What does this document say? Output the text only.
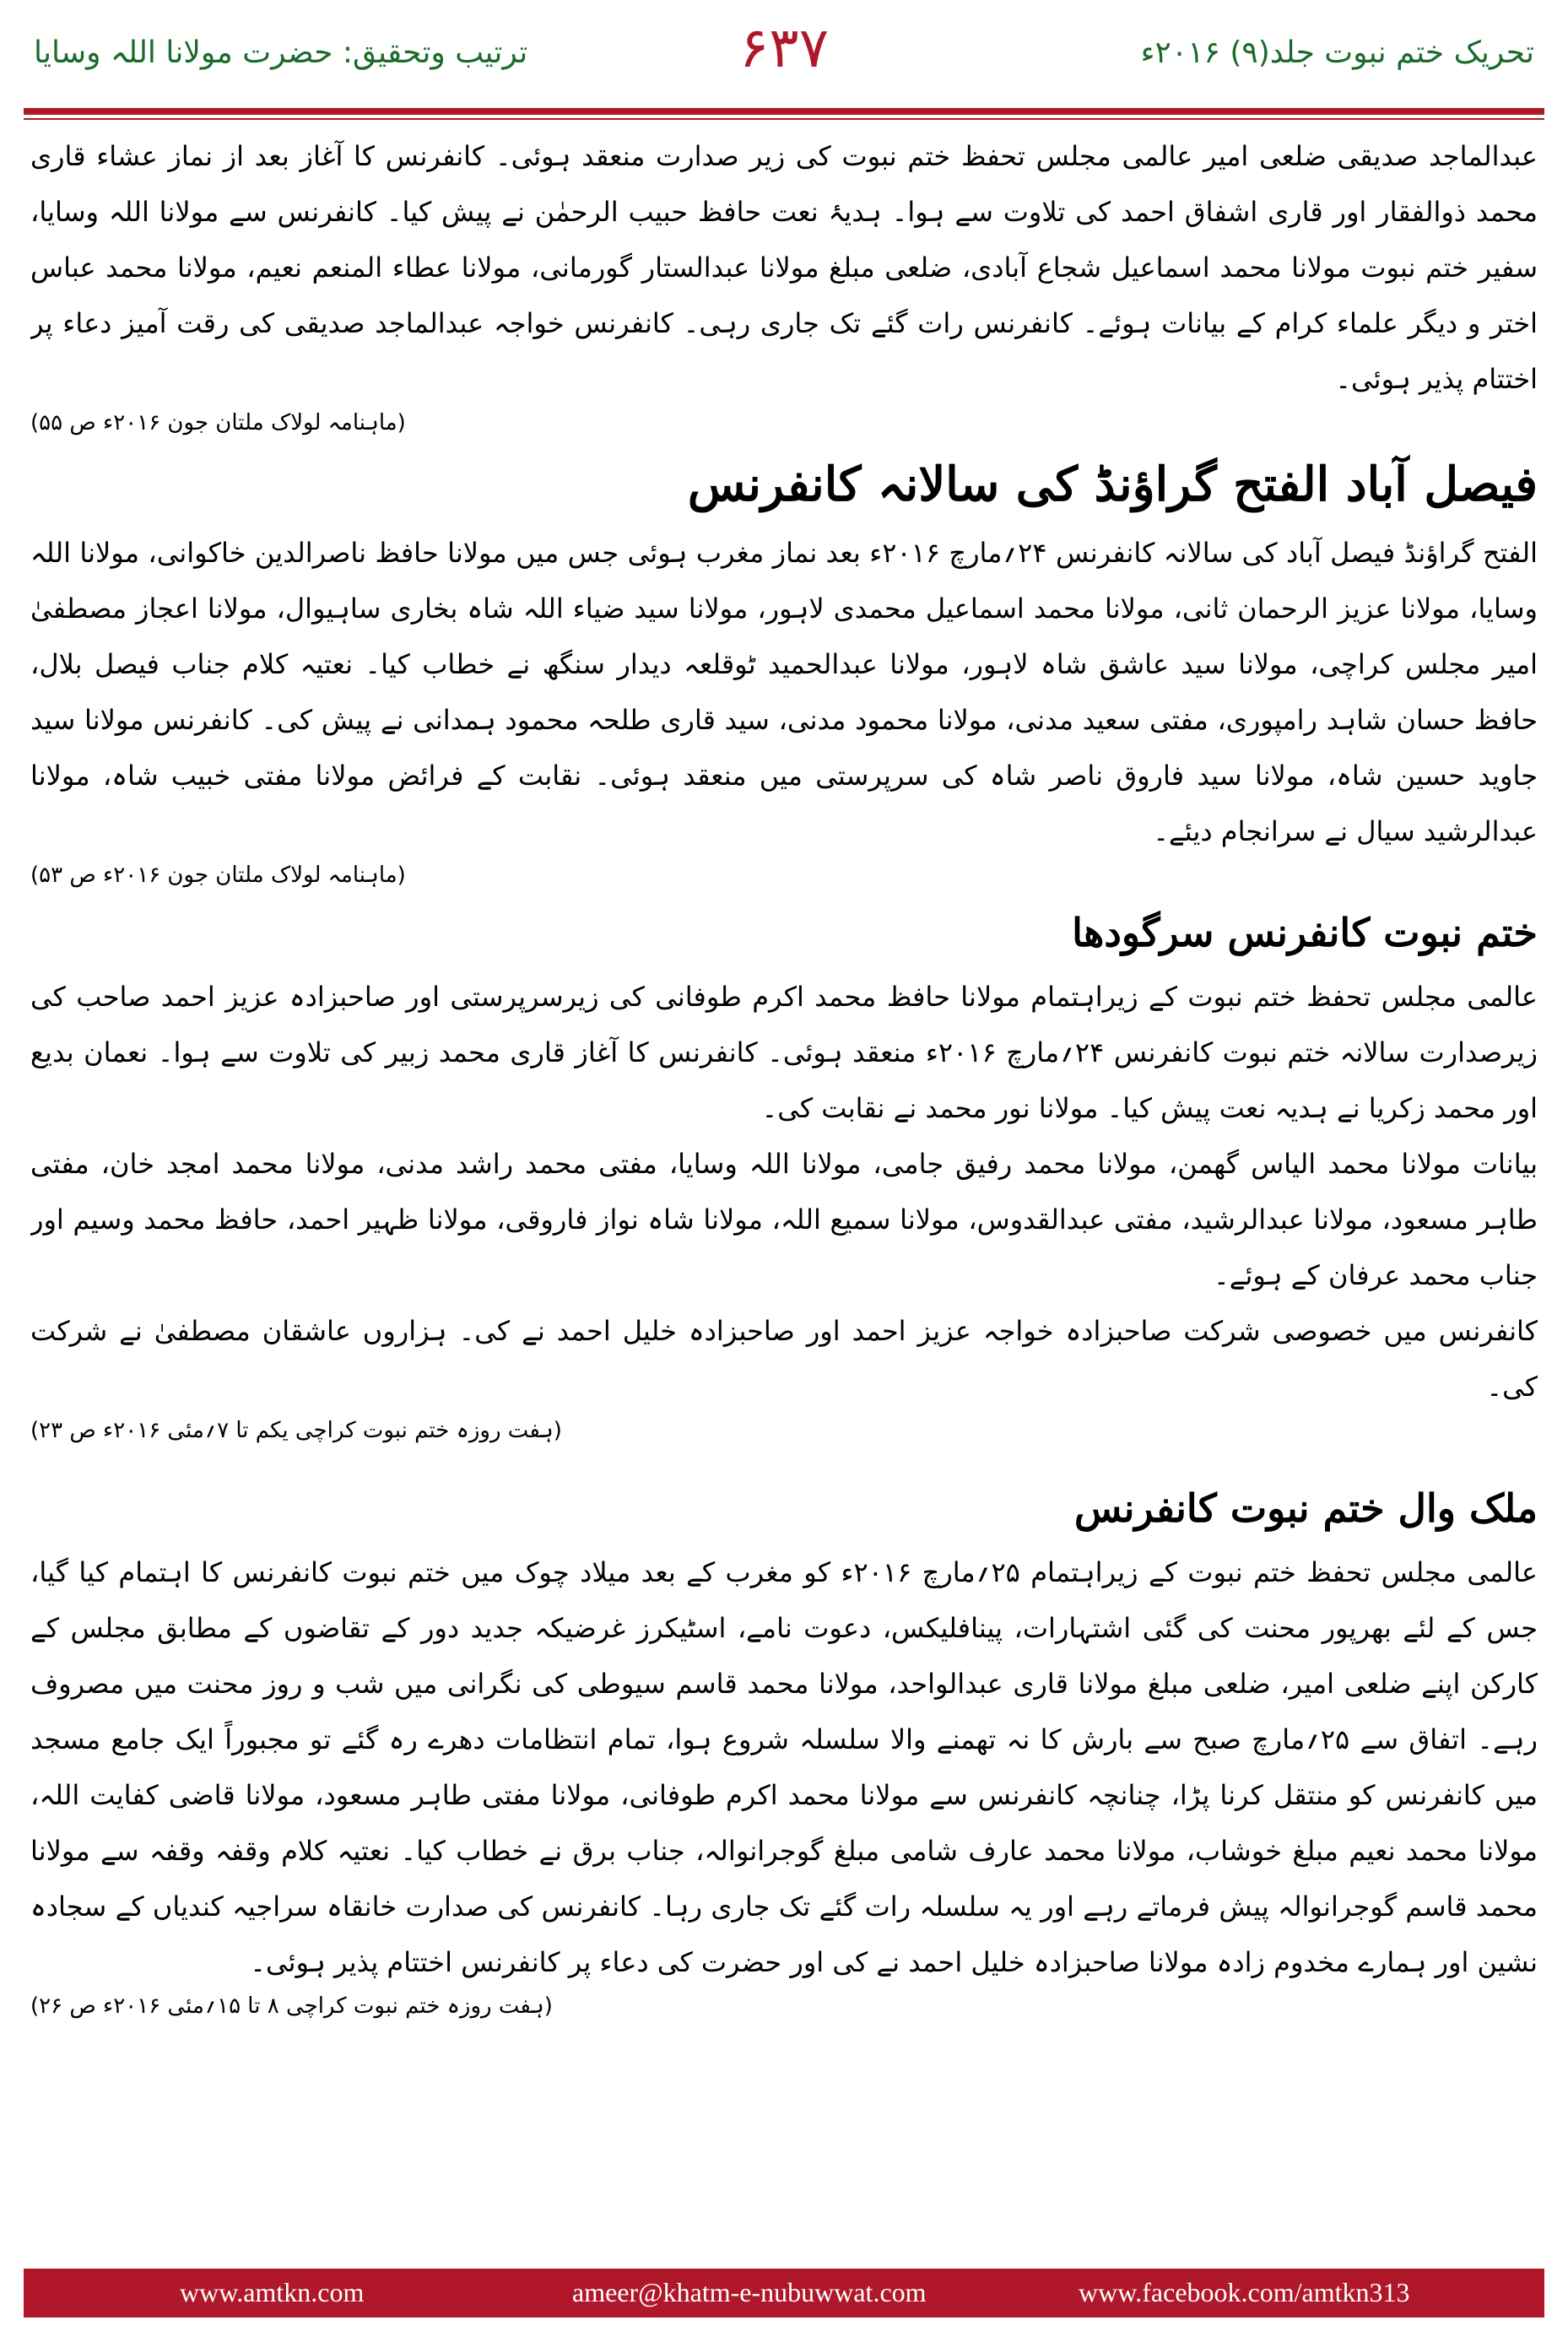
ترتیب وتحقیق: حضرت مولانا اللہ وسایا	۶۳۷	تحریک ختم نبوت جلد(۹) ۲۰۱۶ء

عبدالماجد صدیقی ضلعی امیر عالمی مجلس تحفظ ختم نبوت کی زیر صدارت منعقد ہوئی۔ کانفرنس کا آغاز بعد از نماز عشاء قاری محمد ذوالفقار اور قاری اشفاق احمد کی تلاوت سے ہوا۔ ہدیۂ نعت حافظ حبیب الرحمٰن نے پیش کیا۔ کانفرنس سے مولانا اللہ وسایا، سفیر ختم نبوت مولانا محمد اسماعیل شجاع آبادی، ضلعی مبلغ مولانا عبدالستار گورمانی، مولانا عطاء المنعم نعیم، مولانا محمد عباس اختر و دیگر علماء کرام کے بیانات ہوئے۔ کانفرنس رات گئے تک جاری رہی۔ کانفرنس خواجہ عبدالماجد صدیقی کی رقت آمیز دعاء پر اختتام پذیر ہوئی۔

(ماہنامہ لولاک ملتان جون ۲۰۱۶ء ص ۵۵)

فیصل آباد الفتح گراؤنڈ کی سالانہ کانفرنس

الفتح گراؤنڈ فیصل آباد کی سالانہ کانفرنس ۲۴؍مارچ ۲۰۱۶ء بعد نماز مغرب ہوئی جس میں مولانا حافظ ناصرالدین خاکوانی، مولانا اللہ وسایا، مولانا عزیز الرحمان ثانی، مولانا محمد اسماعیل محمدی لاہور، مولانا سید ضیاء اللہ شاہ بخاری ساہیوال، مولانا اعجاز مصطفیٰ امیر مجلس کراچی، مولانا سید عاشق شاہ لاہور، مولانا عبدالحمید ٹوقلعہ دیدار سنگھ نے خطاب کیا۔ نعتیہ کلام جناب فیصل بلال، حافظ حسان شاہد رامپوری، مفتی سعید مدنی، مولانا محمود مدنی، سید قاری طلحہ محمود ہمدانی نے پیش کی۔ کانفرنس مولانا سید جاوید حسین شاہ، مولانا سید فاروق ناصر شاہ کی سرپرستی میں منعقد ہوئی۔ نقابت کے فرائض مولانا مفتی خبیب شاہ، مولانا عبدالرشید سیال نے سرانجام دیئے۔

(ماہنامہ لولاک ملتان جون ۲۰۱۶ء ص ۵۳)

ختم نبوت کانفرنس سرگودھا

عالمی مجلس تحفظ ختم نبوت کے زیراہتمام مولانا حافظ محمد اکرم طوفانی کی زیرسرپرستی اور صاحبزادہ عزیز احمد صاحب کی زیرصدارت سالانہ ختم نبوت کانفرنس ۲۴؍مارچ ۲۰۱۶ء منعقد ہوئی۔ کانفرنس کا آغاز قاری محمد زبیر کی تلاوت سے ہوا۔ نعمان بدیع اور محمد زکریا نے ہدیہ نعت پیش کیا۔ مولانا نور محمد نے نقابت کی۔

بیانات مولانا محمد الیاس گھمن، مولانا محمد رفیق جامی، مولانا اللہ وسایا، مفتی محمد راشد مدنی، مولانا محمد امجد خان، مفتی طاہر مسعود، مولانا عبدالرشید، مفتی عبدالقدوس، مولانا سمیع اللہ، مولانا شاہ نواز فاروقی، مولانا ظہیر احمد، حافظ محمد وسیم اور جناب محمد عرفان کے ہوئے۔

کانفرنس میں خصوصی شرکت صاحبزادہ خواجہ عزیز احمد اور صاحبزادہ خلیل احمد نے کی۔ ہزاروں عاشقان مصطفیٰ نے شرکت کی۔

(ہفت روزہ ختم نبوت کراچی یکم تا ۷؍مئی ۲۰۱۶ء ص ۲۳)

ملک وال ختم نبوت کانفرنس

عالمی مجلس تحفظ ختم نبوت کے زیراہتمام ۲۵؍مارچ ۲۰۱۶ء کو مغرب کے بعد میلاد چوک میں ختم نبوت کانفرنس کا اہتمام کیا گیا، جس کے لئے بھرپور محنت کی گئی اشتہارات، پینافلیکس، دعوت نامے، اسٹیکرز غرضیکہ جدید دور کے تقاضوں کے مطابق مجلس کے کارکن اپنے ضلعی امیر، ضلعی مبلغ مولانا قاری عبدالواحد، مولانا محمد قاسم سیوطی کی نگرانی میں شب و روز محنت میں مصروف رہے۔ اتفاق سے ۲۵؍مارچ صبح سے بارش کا نہ تھمنے والا سلسلہ شروع ہوا، تمام انتظامات دھرے رہ گئے تو مجبوراً ایک جامع مسجد میں کانفرنس کو منتقل کرنا پڑا، چنانچہ کانفرنس سے مولانا محمد اکرم طوفانی، مولانا مفتی طاہر مسعود، مولانا قاضی کفایت اللہ، مولانا محمد نعیم مبلغ خوشاب، مولانا محمد عارف شامی مبلغ گوجرانوالہ، جناب برق نے خطاب کیا۔ نعتیہ کلام وقفہ وقفہ سے مولانا محمد قاسم گوجرانوالہ پیش فرماتے رہے اور یہ سلسلہ رات گئے تک جاری رہا۔ کانفرنس کی صدارت خانقاہ سراجیہ کندیاں کے سجادہ نشین اور ہمارے مخدوم زادہ مولانا صاحبزادہ خلیل احمد نے کی اور حضرت کی دعاء پر کانفرنس اختتام پذیر ہوئی۔

(ہفت روزہ ختم نبوت کراچی ۸ تا ۱۵؍مئی ۲۰۱۶ء ص ۲۶)

www.amtkn.com	ameer@khatm-e-nubuwwat.com	www.facebook.com/amtkn313
